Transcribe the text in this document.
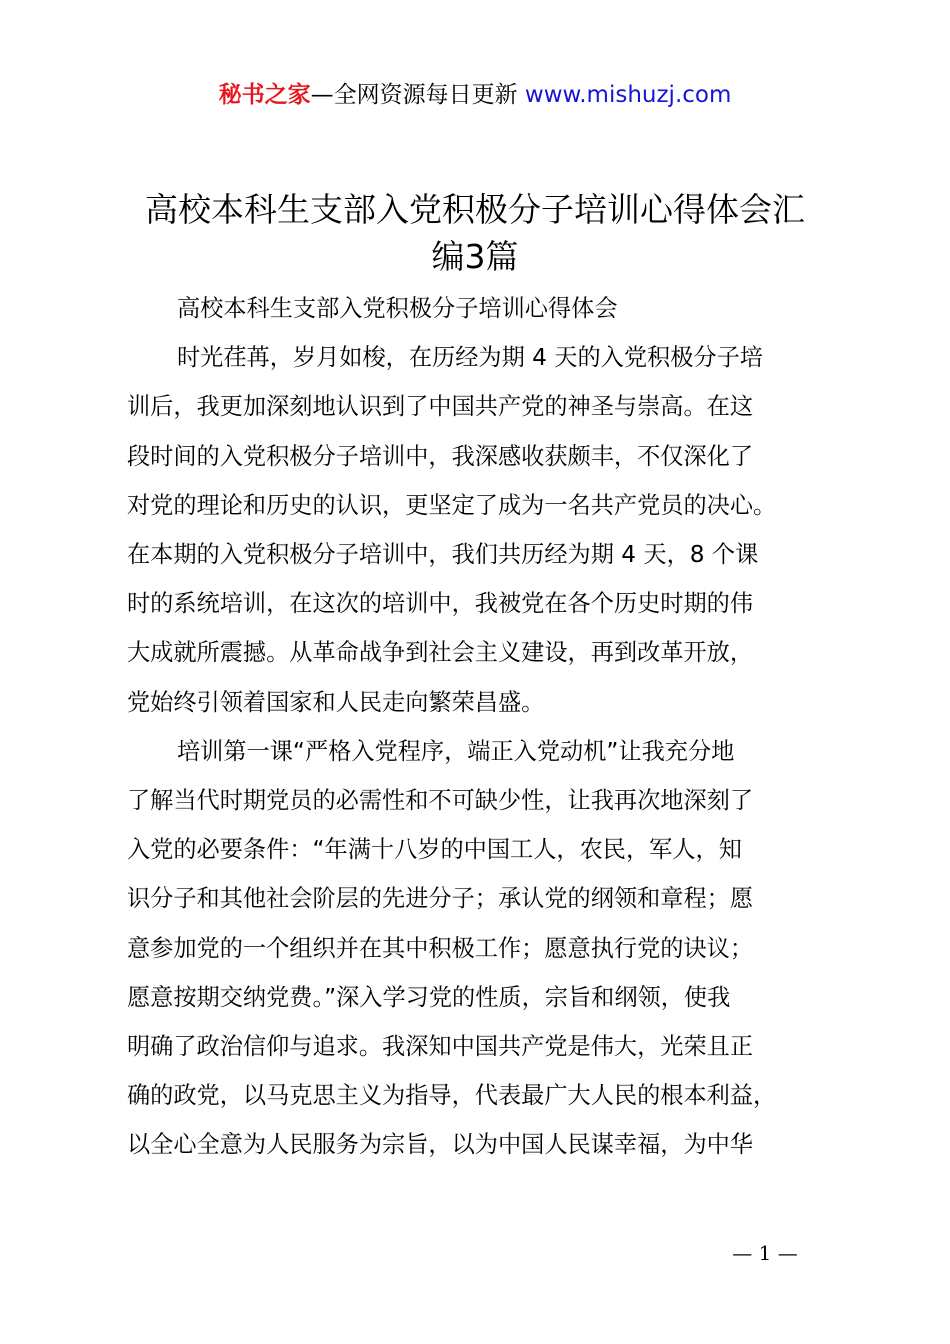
秘书之家—全网资源每日更新 www.mishuzj.com
高校本科生支部入党积极分子培训心得体会汇
编3篇

高校本科生支部入党积极分子培训心得体会

时光荏苒，岁月如梭，在历经为期 4 天的入党积极分子培
训后，我更加深刻地认识到了中国共产党的神圣与崇高。在这
段时间的入党积极分子培训中，我深感收获颇丰，不仅深化了
对党的理论和历史的认识，更坚定了成为一名共产党员的决心。
在本期的入党积极分子培训中，我们共历经为期 4 天，8 个课
时的系统培训，在这次的培训中，我被党在各个历史时期的伟
大成就所震撼。从革命战争到社会主义建设，再到改革开放，
党始终引领着国家和人民走向繁荣昌盛。

培训第一课“严格入党程序，端正入党动机”让我充分地
了解当代时期党员的必需性和不可缺少性，让我再次地深刻了
入党的必要条件：“年满十八岁的中国工人，农民，军人，知
识分子和其他社会阶层的先进分子；承认党的纲领和章程；愿
意参加党的一个组织并在其中积极工作；愿意执行党的诀议；
愿意按期交纳党费。”深入学习党的性质，宗旨和纲领，使我
明确了政治信仰与追求。我深知中国共产党是伟大，光荣且正
确的政党，以马克思主义为指导，代表最广大人民的根本利益，
以全心全意为人民服务为宗旨，以为中国人民谋幸福，为中华

— 1 —
